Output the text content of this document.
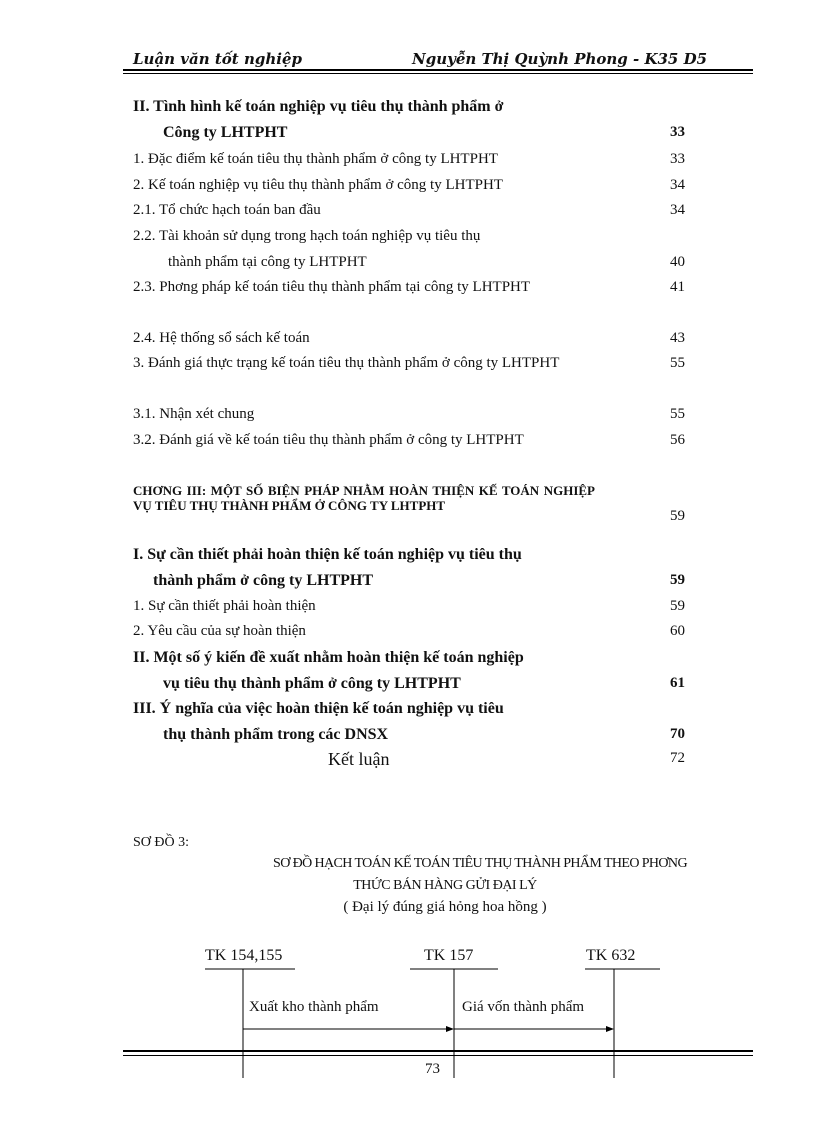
Luận văn tốt nghiệp	Nguyễn Thị Quỳnh Phong - K35 D5
II. Tình hình kế toán nghiệp vụ tiêu thụ thành phẩm ở
Công ty LHTPHT	33
1. Đặc điểm kế toán tiêu thụ thành phẩm ở công ty LHTPHT	33
2. Kế toán nghiệp vụ tiêu thụ thành phẩm ở công ty LHTPHT	34
2.1. Tổ chức hạch toán ban đầu	34
2.2. Tài khoản sử dụng trong hạch toán nghiệp vụ tiêu thụ
thành phẩm tại công ty LHTPHT	40
2.3. Phơng pháp kế toán tiêu thụ thành phẩm tại công ty LHTPHT	41
2.4. Hệ thống sổ sách kế toán	43
3. Đánh giá thực trạng kế toán tiêu thụ thành phẩm ở công ty LHTPHT	55
3.1. Nhận xét chung	55
3.2. Đánh giá về kế toán tiêu thụ thành phẩm ở công ty LHTPHT	56
CHƠNG III: MỘT SỐ BIỆN PHÁP NHẰM HOÀN THIỆN KẾ TOÁN NGHIỆP VỤ TIÊU THỤ THÀNH PHẨM Ở CÔNG TY LHTPHT
59
I. Sự cần thiết phải hoàn thiện kế toán nghiệp vụ tiêu thụ
thành phẩm ở công ty LHTPHT	59
1. Sự cần thiết phải hoàn thiện	59
2. Yêu cầu của sự hoàn thiện	60
II. Một số ý kiến đề xuất nhằm hoàn thiện kế toán nghiệp
vụ tiêu thụ thành phẩm ở công ty LHTPHT	61
III. Ý nghĩa của việc hoàn thiện kế toán nghiệp vụ tiêu
thụ thành phẩm trong các DNSX	70
Kết luận	72
SƠ ĐỒ 3:
SƠ ĐỒ HẠCH TOÁN KẾ TOÁN TIÊU THỤ THÀNH PHẨM THEO PHƠNG
THỨC BÁN HÀNG GỬI ĐẠI LÝ
( Đại lý đúng giá hỏng hoa hồng )
TK 154,155	TK 157	TK 632
Xuất kho thành phẩm	Giá vốn thành phẩm
73
